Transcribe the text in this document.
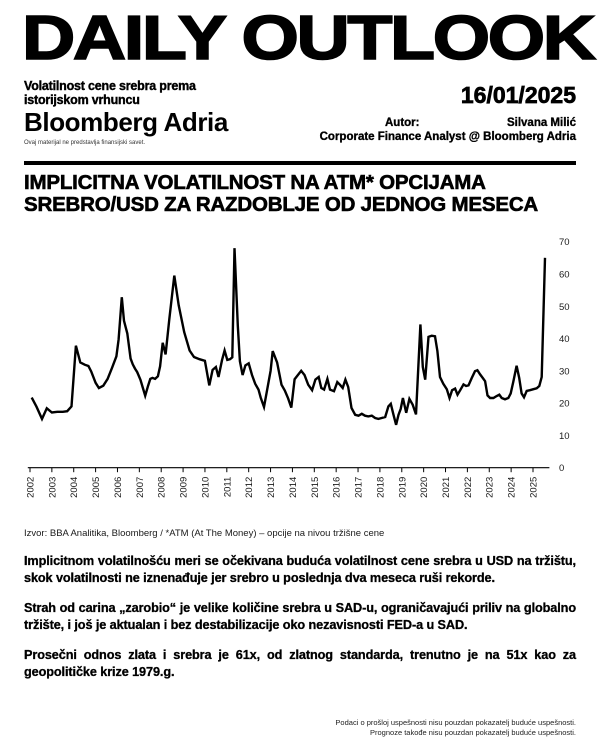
DAILY OUTLOOK
Volatilnost cene srebra prema
istorijskom vrhuncu	16/01/2025
Bloomberg Adria
Ovaj materijal ne predstavlja finansijski savet.
Autor:	Silvana Milić
Corporate Finance Analyst @ Bloomberg Adria
IMPLICITNA VOLATILNOST NA ATM* OPCIJAMA
SREBRO/USD ZA RAZDOBLJE OD JEDNOG MESECA
2002 2003 2004 2005 2006 2007 2008 2009 2010 2011 2012 2013 2014 2015 2016 2017 2018 2019 2020 2021 2022 2023 2024 2025
0
10
20
30
40
50
60
70
Izvor: BBA Analitika, Bloomberg / *ATM (At The Money) – opcije na nivou tržišne cene

Implicitnom volatilnošću meri se očekivana buduća volatilnost cene srebra u USD na tržištu, skok volatilnosti ne iznenađuje jer srebro u poslednja dva meseca ruši rekorde.

Strah od carina „zarobio“ je velike količine srebra u SAD-u, ograničavajući priliv na globalno tržište, i još je aktualan i bez destabilizacije oko nezavisnosti FED-a u SAD.

Prosečni odnos zlata i srebra je 61x, od zlatnog standarda, trenutno je na 51x kao za geopolitičke krize 1979.g.

Podaci o prošloj uspešnosti nisu pouzdan pokazatelj buduće uspešnosti.
Prognoze takođe nisu pouzdan pokazatelj buduće uspešnosti.
